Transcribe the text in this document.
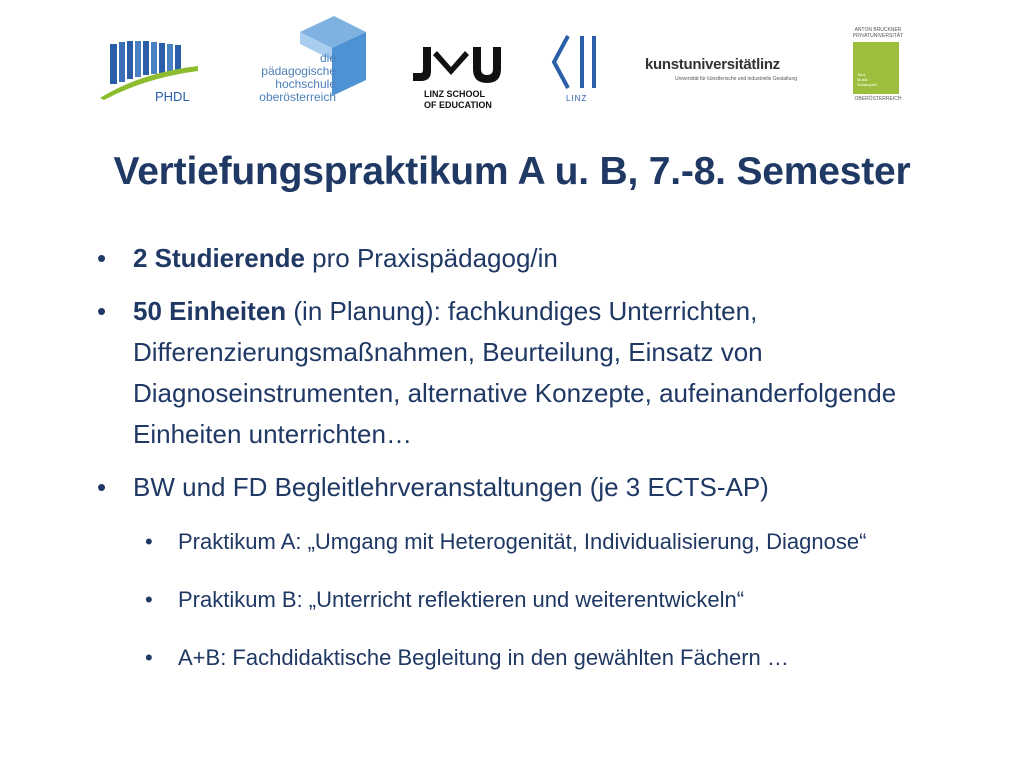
PHDL
die pädagogische
hochschule
oberösterreich	LINZ SCHOOL
OF EDUCATION
LINZ
kunstuniversitätlinz
Universität für künstlerische und industrielle Gestaltung
ANTON BRUCKNER PRIVATUNIVERSITÄT
Tanz
Musik
Schauspiel
OBERÖSTERREICH
Vertiefungspraktikum A u. B, 7.-8. Semester
• 2 Studierende pro Praxispädagog/in
• 50 Einheiten (in Planung): fachkundiges Unterrichten, Differenzierungsmaßnahmen, Beurteilung, Einsatz von Diagnoseinstrumenten, alternative Konzepte, aufeinanderfolgende Einheiten unterrichten…
• BW und FD Begleitlehrveranstaltungen (je 3 ECTS-AP)
• Praktikum A: „Umgang mit Heterogenität, Individualisierung, Diagnose“
• Praktikum B: „Unterricht reflektieren und weiterentwickeln“
• A+B: Fachdidaktische Begleitung in den gewählten Fächern …
